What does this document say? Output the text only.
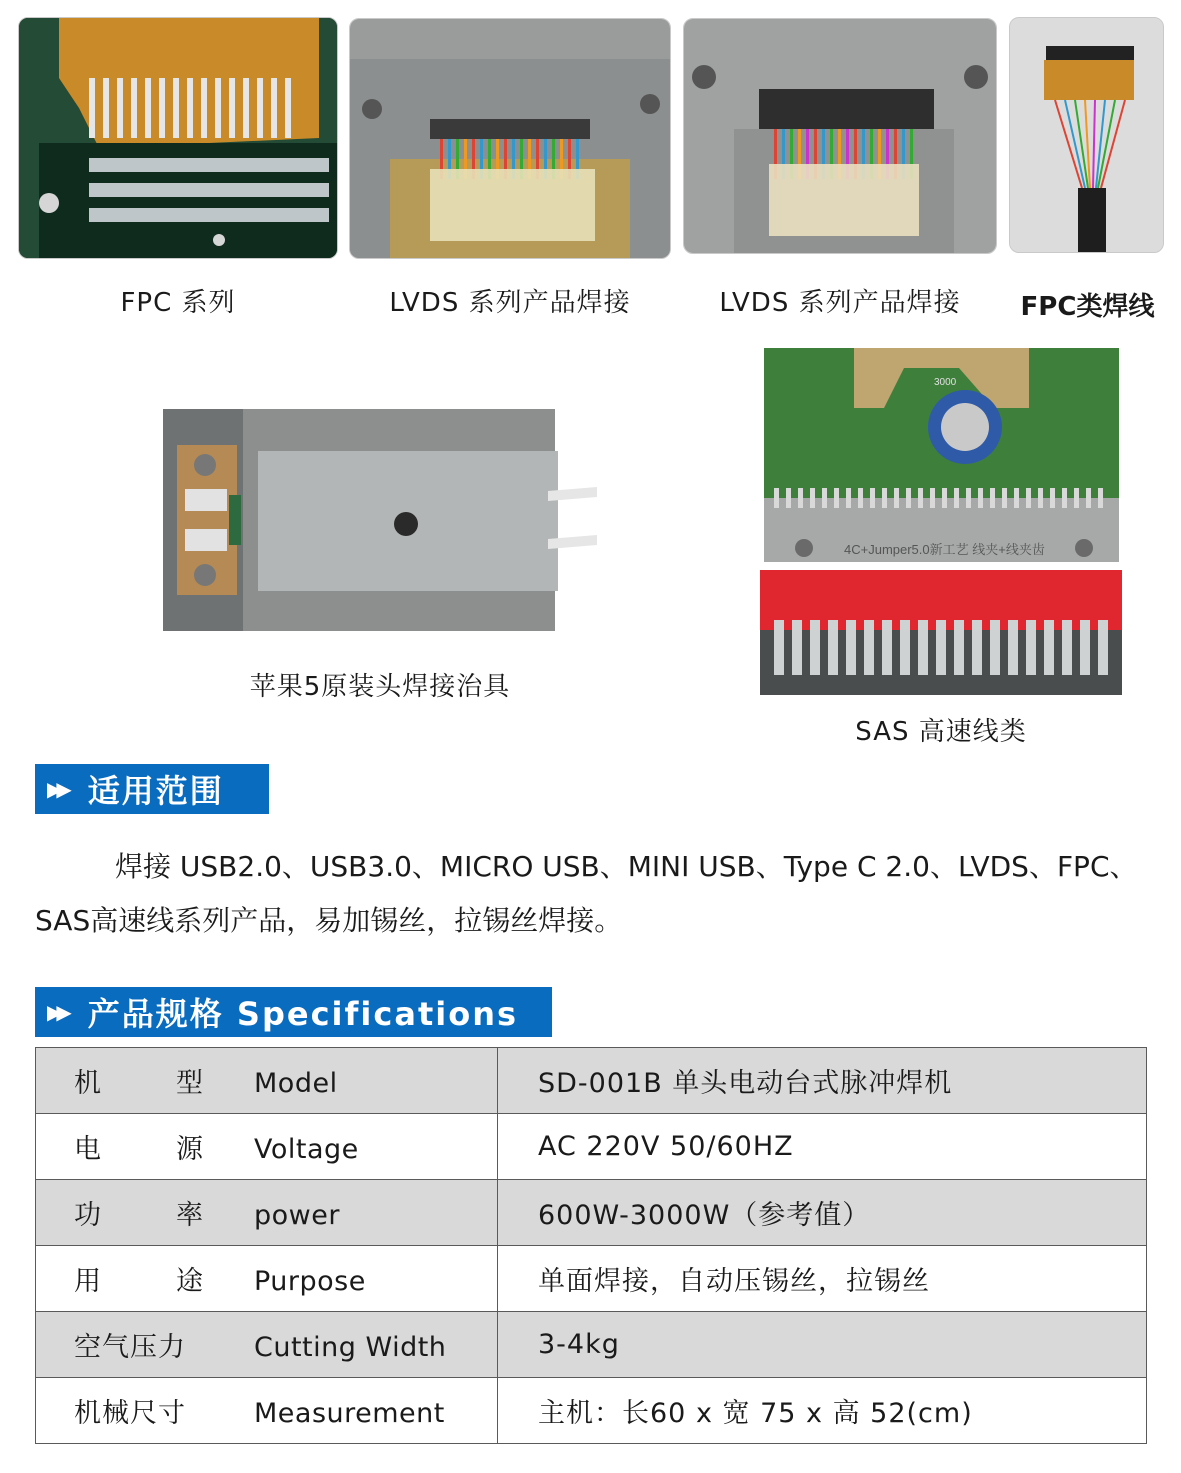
FPC 系列	LVDS 系列产品焊接	LVDS 系列产品焊接	FPC类焊线
苹果5原装头焊接治具
3000
4C+Jumper5.0新工艺 线夹+线夹齿
SAS 高速线类
▶▶ 适用范围
焊接 USB2.0、USB3.0、MICRO USB、MINI USB、Type C 2.0、LVDS、FPC、SAS高速线系列产品，易加锡丝，拉锡丝焊接。
▶▶ 产品规格 Specifications
机 型 Model	SD-001B 单头电动台式脉冲焊机

电 源 Voltage	AC 220V 50/60HZ

功 率 power	600W-3000W（参考值）

用 途 Purpose	单面焊接，自动压锡丝，拉锡丝
空气压力 Cutting Width	3-4kg
机械尺寸 Measurement	主机：长60 x 宽 75 x 高 52(cm)
